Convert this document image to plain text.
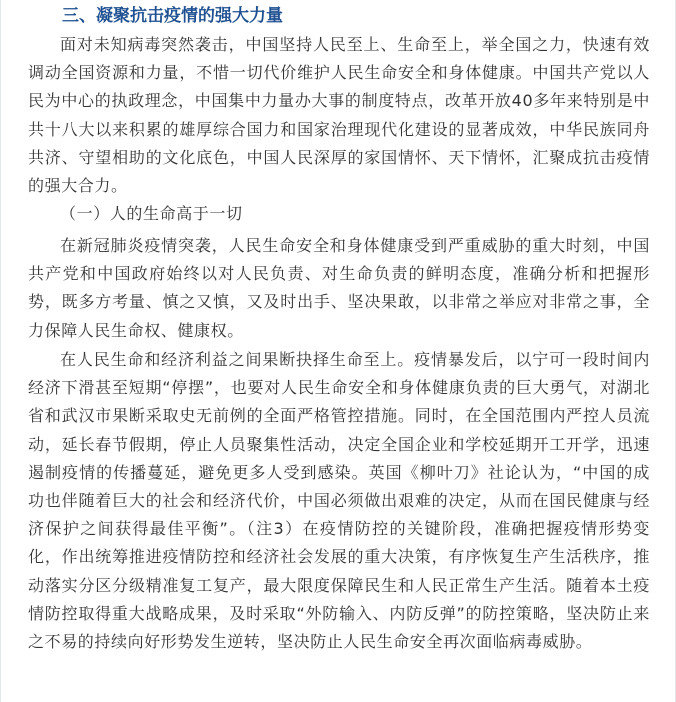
三、凝聚抗击疫情的强大力量

面对未知病毒突然袭击，中国坚持人民至上、生命至上，举全国之力，快速有效调动全国资源和力量，不惜一切代价维护人民生命安全和身体健康。中国共产党以人民为中心的执政理念，中国集中力量办大事的制度特点，改革开放40多年来特别是中共十八大以来积累的雄厚综合国力和国家治理现代化建设的显著成效，中华民族同舟共济、守望相助的文化底色，中国人民深厚的家国情怀、天下情怀，汇聚成抗击疫情的强大合力。

（一）人的生命高于一切

在新冠肺炎疫情突袭，人民生命安全和身体健康受到严重威胁的重大时刻，中国共产党和中国政府始终以对人民负责、对生命负责的鲜明态度，准确分析和把握形势，既多方考量、慎之又慎，又及时出手、坚决果敢，以非常之举应对非常之事，全力保障人民生命权、健康权。

在人民生命和经济利益之间果断抉择生命至上。疫情暴发后，以宁可一段时间内经济下滑甚至短期“停摆”，也要对人民生命安全和身体健康负责的巨大勇气，对湖北省和武汉市果断采取史无前例的全面严格管控措施。同时，在全国范围内严控人员流动，延长春节假期，停止人员聚集性活动，决定全国企业和学校延期开工开学，迅速遏制疫情的传播蔓延，避免更多人受到感染。英国《柳叶刀》社论认为，“中国的成功也伴随着巨大的社会和经济代价，中国必须做出艰难的决定，从而在国民健康与经济保护之间获得最佳平衡”。（注3）在疫情防控的关键阶段，准确把握疫情形势变化，作出统筹推进疫情防控和经济社会发展的重大决策，有序恢复生产生活秩序，推动落实分区分级精准复工复产，最大限度保障民生和人民正常生产生活。随着本土疫情防控取得重大战略成果，及时采取“外防输入、内防反弹”的防控策略，坚决防止来之不易的持续向好形势发生逆转，坚决防止人民生命安全再次面临病毒威胁。
